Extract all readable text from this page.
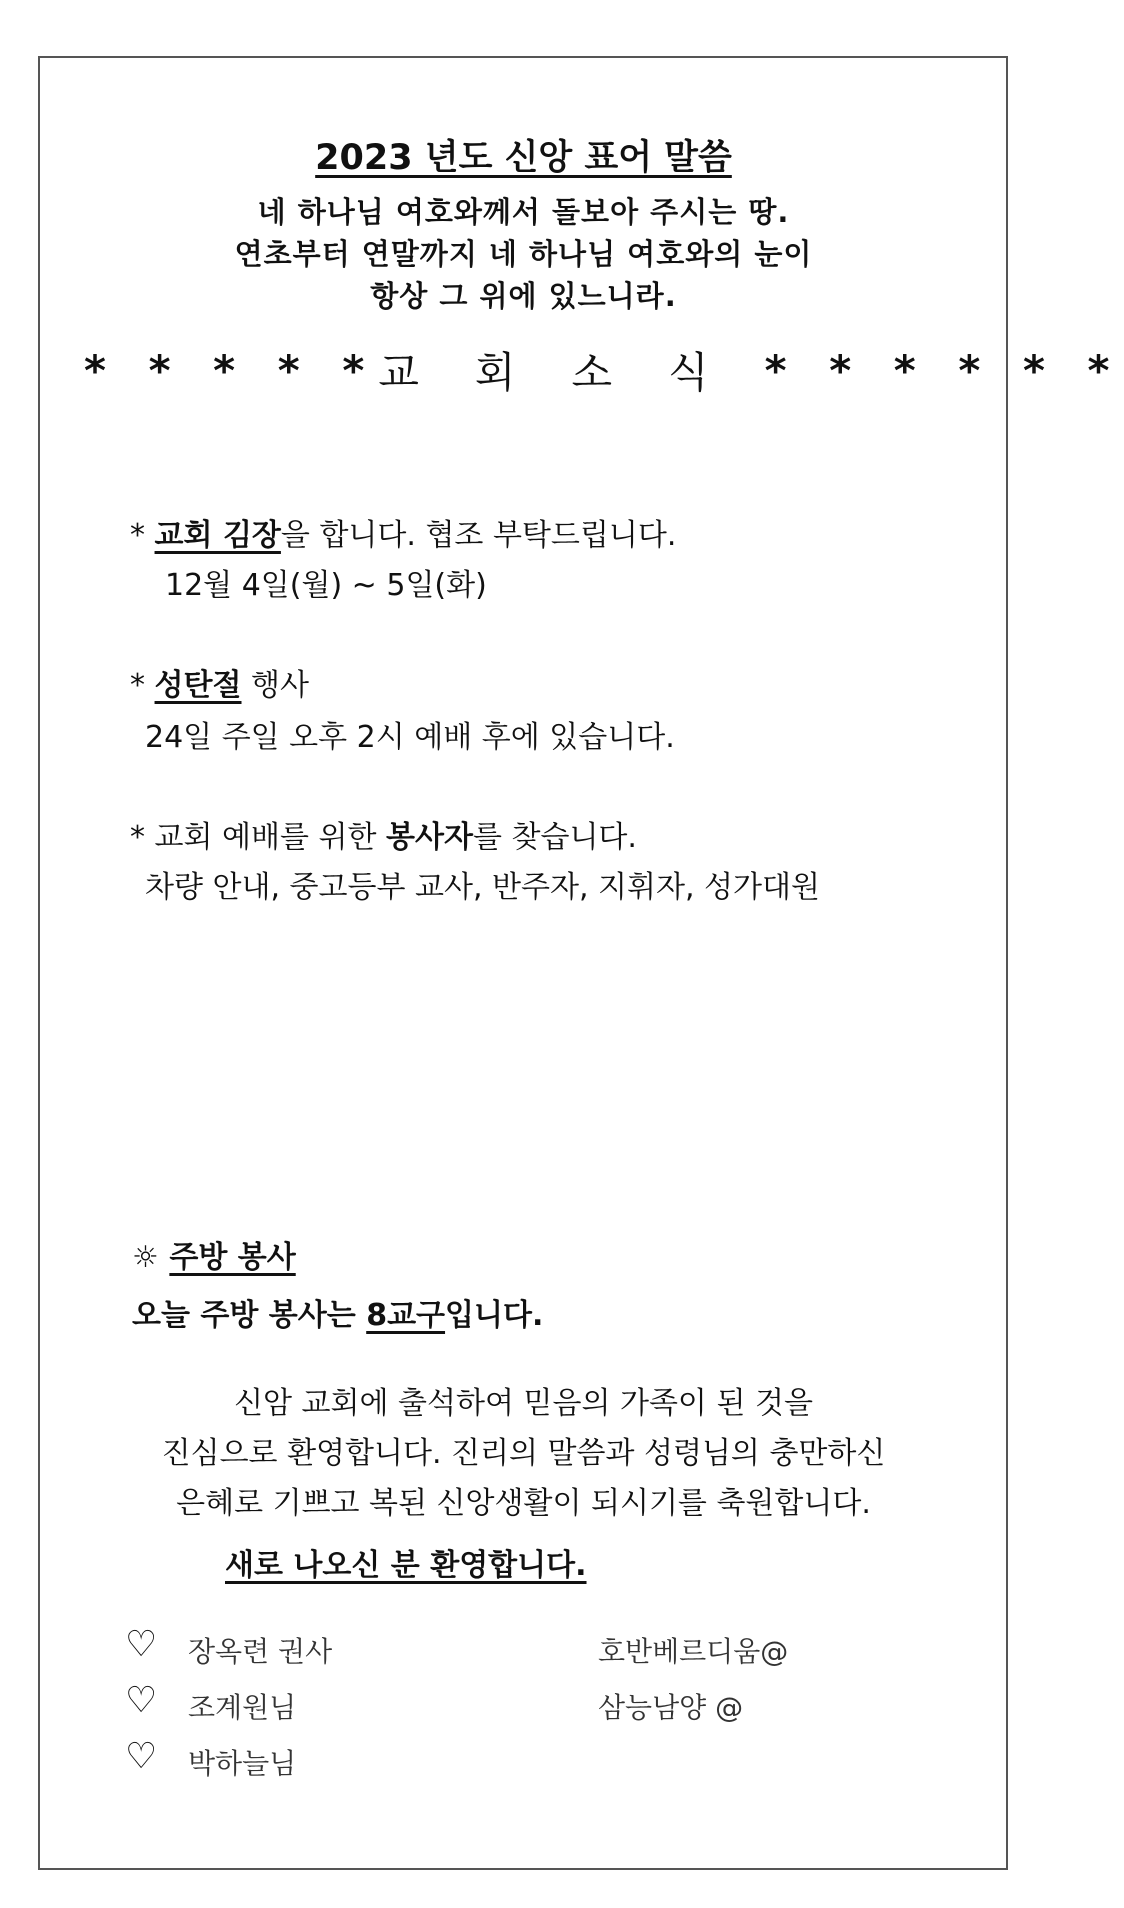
2023 년도 신앙 표어 말씀
네 하나님 여호와께서 돌보아 주시는 땅.
연초부터 연말까지 네 하나님 여호와의 눈이
항상 그 위에 있느니라.
* * * * * 교회소식 * * * * * *
* 교회 김장을 합니다. 협조 부탁드립니다.
12월 4일(월) ~ 5일(화)
* 성탄절 행사
24일 주일 오후 2시 예배 후에 있습니다.
* 교회 예배를 위한 봉사자를 찾습니다.
차량 안내, 중고등부 교사, 반주자, 지휘자, 성가대원
☼ 주방 봉사
오늘 주방 봉사는 8교구입니다.
신암 교회에 출석하여 믿음의 가족이 된 것을
진심으로 환영합니다. 진리의 말씀과 성령님의 충만하신
은혜로 기쁘고 복된 신앙생활이 되시기를 축원합니다.
새로 나오신 분 환영합니다.
♡ 장옥련 권사	호반베르디움@
♡ 조계원님	삼능남양 @
♡ 박하늘님
